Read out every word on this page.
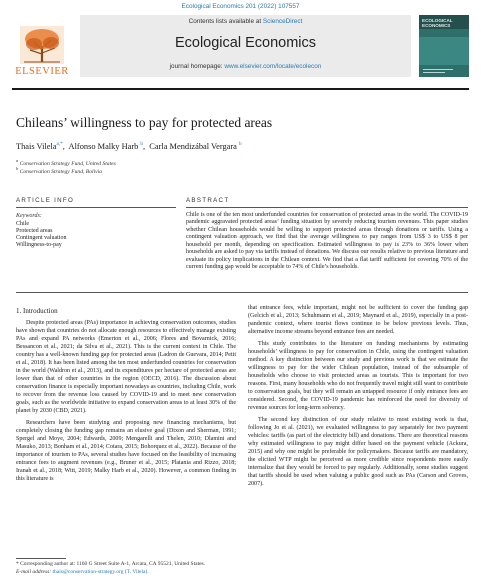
Ecological Economics 201 (2022) 107557
ELSEVIER
Contents lists available at ScienceDirect
Ecological Economics
journal homepage: www.elsevier.com/locate/ecolecon
ECOLOGICAL ECONOMICS
Chileans’ willingness to pay for protected areas
Thais Vilela$^{a,*}$,  Alfonso Malky Harb $^b$,  Carla Mendizábal Vergara $^b$
$^a$ Conservation Strategy Fund, United States
$^b$ Conservation Strategy Fund, Bolivia
ARTICLE INFO	ABSTRACT
Keywords:
Chile
Protected areas
Contingent valuation
Willingness-to-pay
Chile is one of the ten most underfunded countries for conservation of protected areas in the world. The COVID-19 pandemic aggravated protected areas’ funding situation by severely reducing tourism revenues. This paper studies whether Chilean households would be willing to support protected areas through donations or tariffs. Using a contingent valuation approach, we find that the average willingness to pay ranges from US$ 3 to US$ 8 per household per month, depending on specification. Estimated willingness to pay is 23% to 36% lower when households are asked to pay via tariffs instead of donations. We discuss our results relative to previous literature and evaluate its policy implications in the Chilean context. We find that a flat tariff sufficient for covering 70% of the current funding gap would be acceptable to 74% of Chile’s households.

1. Introduction

Despite protected areas (PAs) importance in achieving conservation outcomes, studies have shown that countries do not allocate enough resources to effectively manage existing PAs and expand PA networks (Emerton et al., 2006; Flores and Bovarnick, 2016; Bessancon et al., 2021; da Silva et al., 2021). This is the current context in Chile. The country has a well-known funding gap for protected areas (Ladron de Guevara, 2014; Petit et al., 2018). It has been listed among the ten most underfunded countries for conservation in the world (Waldron et al., 2013), and its expenditures per hectare of protected areas are lower than that of other countries in the region (OECD, 2016). The discussion about conservation finance is especially important nowadays as countries, including Chile, work to recover from the revenue loss caused by COVID-19 and to meet new conservation goals, such as the worldwide initiative to expand conservation areas to at least 30% of the planet by 2030 (CBD, 2021).

Researchers have been studying and proposing new financing mechanisms, but completely closing the funding gap remains an elusive goal (Dixon and Sherman, 1991; Spergel and Moye, 2004; Edwards, 2009; Mengarelli and Thelen, 2010; Dlamini and Masuko, 2013; Bonham et al., 2014; Cotara, 2015; Bohorquez et al., 2022). Because of the importance of tourism to PAs, several studies have focused on the feasibility of increasing entrance fees to augment revenues (e.g., Bruner et al., 2015; Platania and Rizzo, 2018; Iranah et al., 2018; Witt, 2019; Malky Harb et al., 2020). However, a common finding in this literature is

that entrance fees, while important, might not be sufficient to cover the funding gap (Gelcich et al., 2013; Schuhmann et al., 2019; Maynard et al., 2019), especially in a post-pandemic context, where tourist flows continue to be below previous levels. Thus, alternative income streams beyond entrance fees are needed.

This study contributes to the literature on funding mechanisms by estimating households’ willingness to pay for conservation in Chile, using the contingent valuation method. A key distinction between our study and previous work is that we estimate the willingness to pay for the wider Chilean population, instead of the subsample of households who choose to visit protected areas as tourists. This is important for two reasons. First, many households who do not frequently travel might still want to contribute to conservation goals, but they will remain an untapped resource if only entrance fees are considered. Second, the COVID-19 pandemic has reinforced the need for diversity of revenue sources for long-term solvency.

The second key distinction of our study relative to most existing work is that, following Jo et al. (2021), we evaluated willingness to pay separately for two payment vehicles: tariffs (as part of the electricity bill) and donations. There are theoretical reasons why estimated willingness to pay might differ based on the payment vehicle (Ackura, 2015) and why one might be preferable for policymakers. Because tariffs are mandatory, the elicited WTP might be perceived as more credible since respondents more easily internalize that they would be forced to pay regularly. Additionally, some studies suggest that tariffs should be used when valuing a public good such as PAs (Carson and Groves, 2007).

* Corresponding author at: 1160 G Street Suite A-1, Arcata, CA 95521, United States.
E-mail address: thais@conservation-strategy.org (T. Vilela).
